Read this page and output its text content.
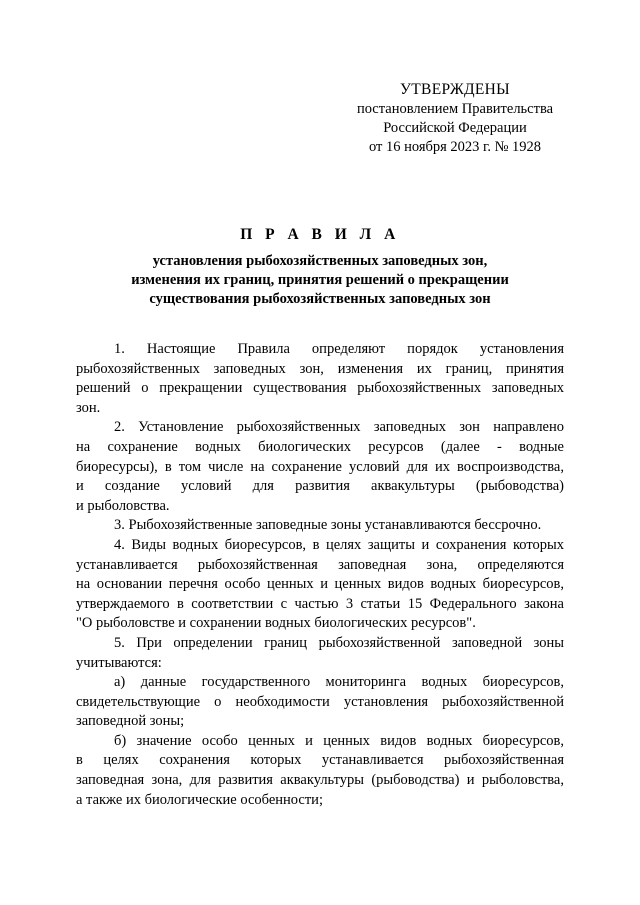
УТВЕРЖДЕНЫ
постановлением Правительства
Российской Федерации
от 16 ноября 2023 г. № 1928
П Р А В И Л А
установления рыбохозяйственных заповедных зон,
изменения их границ, принятия решений о прекращении
существования рыбохозяйственных заповедных зон
1. Настоящие Правила определяют порядок установления
рыбохозяйственных заповедных зон, изменения их границ, принятия
решений о прекращении существования рыбохозяйственных заповедных
зон.
2. Установление рыбохозяйственных заповедных зон направлено
на сохранение водных биологических ресурсов (далее - водные
биоресурсы), в том числе на сохранение условий для их воспроизводства,
и создание условий для развития аквакультуры (рыбоводства)
и рыболовства.
3. Рыбохозяйственные заповедные зоны устанавливаются бессрочно.
4. Виды водных биоресурсов, в целях защиты и сохранения которых
устанавливается рыбохозяйственная заповедная зона, определяются
на основании перечня особо ценных и ценных видов водных биоресурсов,
утверждаемого в соответствии с частью 3 статьи 15 Федерального закона
"О рыболовстве и сохранении водных биологических ресурсов".
5. При определении границ рыбохозяйственной заповедной зоны
учитываются:
а) данные государственного мониторинга водных биоресурсов,
свидетельствующие о необходимости установления рыбохозяйственной
заповедной зоны;
б) значение особо ценных и ценных видов водных биоресурсов,
в целях сохранения которых устанавливается рыбохозяйственная
заповедная зона, для развития аквакультуры (рыбоводства) и рыболовства,
а также их биологические особенности;
